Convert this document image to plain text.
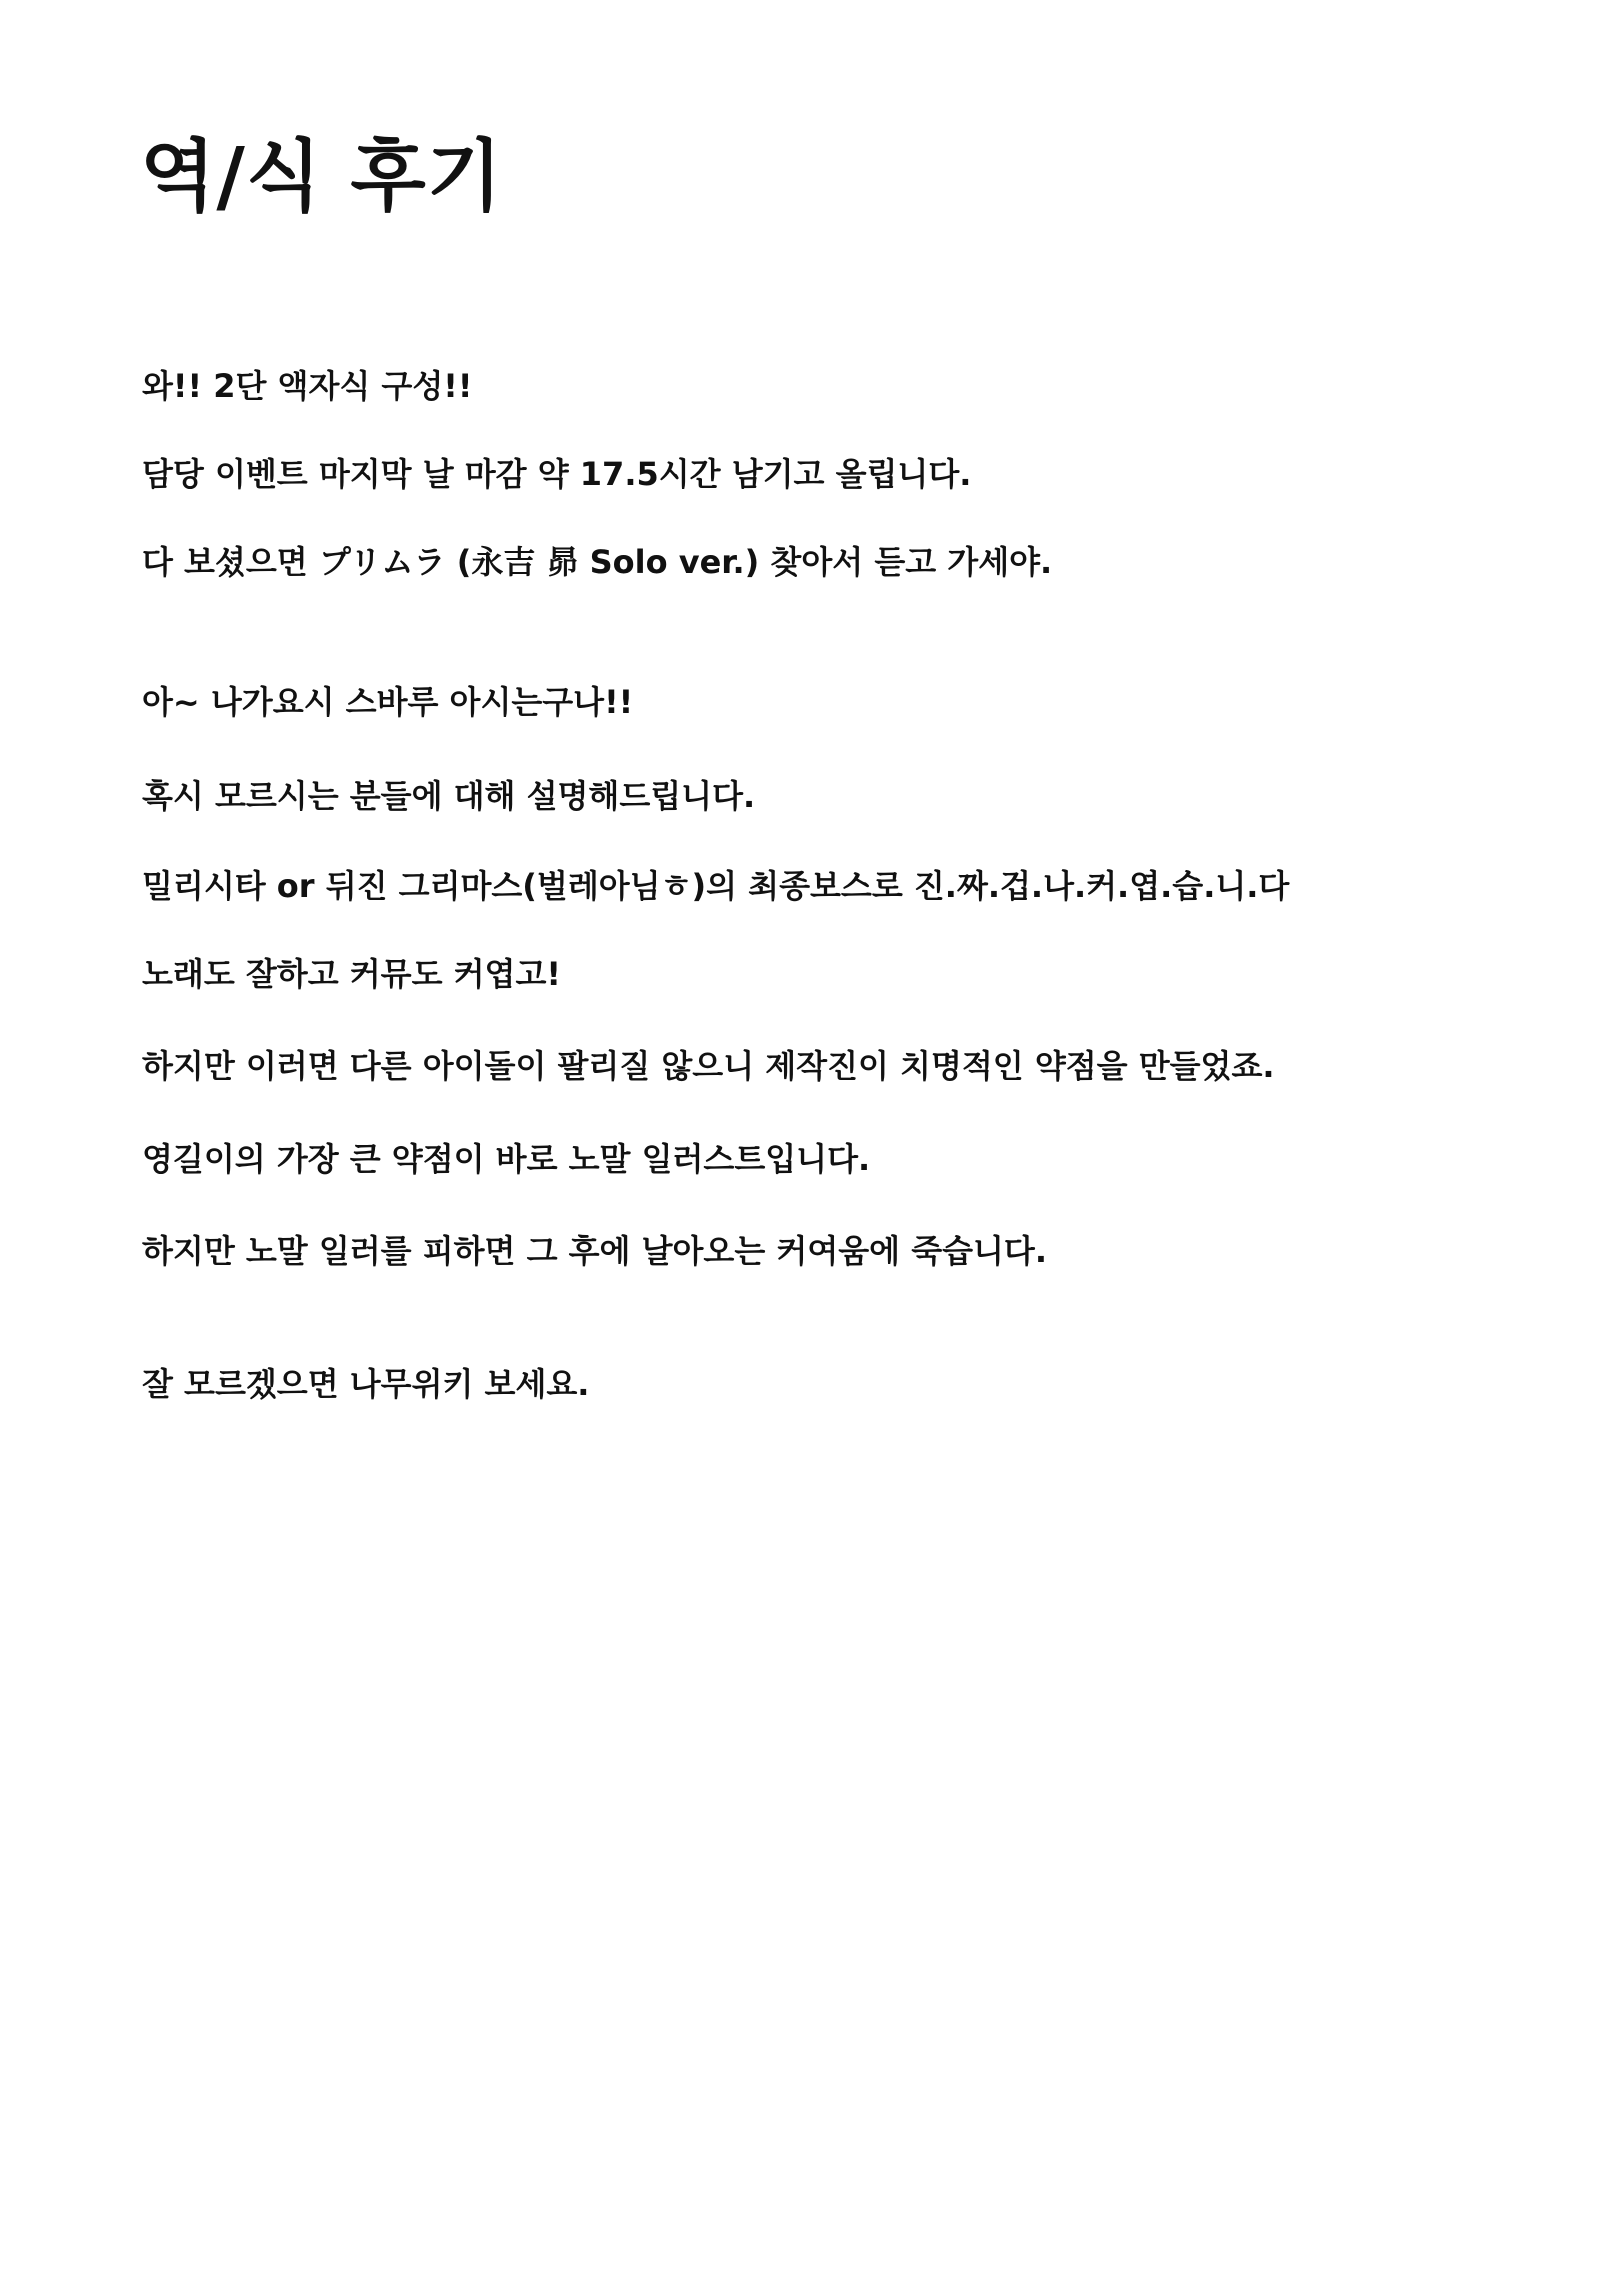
역/식 후기

와!! 2단 액자식 구성!!

담당 이벤트 마지막 날 마감 약 17.5시간 남기고 올립니다.

다 보셨으면 プリムラ (永吉 昴 Solo ver.) 찾아서 듣고 가세야.

아~ 나가요시 스바루 아시는구나!!

혹시 모르시는 분들에 대해 설명해드립니다.

밀리시타 or 뒤진 그리마스(벌레아님ㅎ)의 최종보스로 진.짜.겁.나.커.엽.습.니.다

노래도 잘하고 커뮤도 커엽고!

하지만 이러면 다른 아이돌이 팔리질 않으니 제작진이 치명적인 약점을 만들었죠.

영길이의 가장 큰 약점이 바로 노말 일러스트입니다.

하지만 노말 일러를 피하면 그 후에 날아오는 커여움에 죽습니다.

잘 모르겠으면 나무위키 보세요.
